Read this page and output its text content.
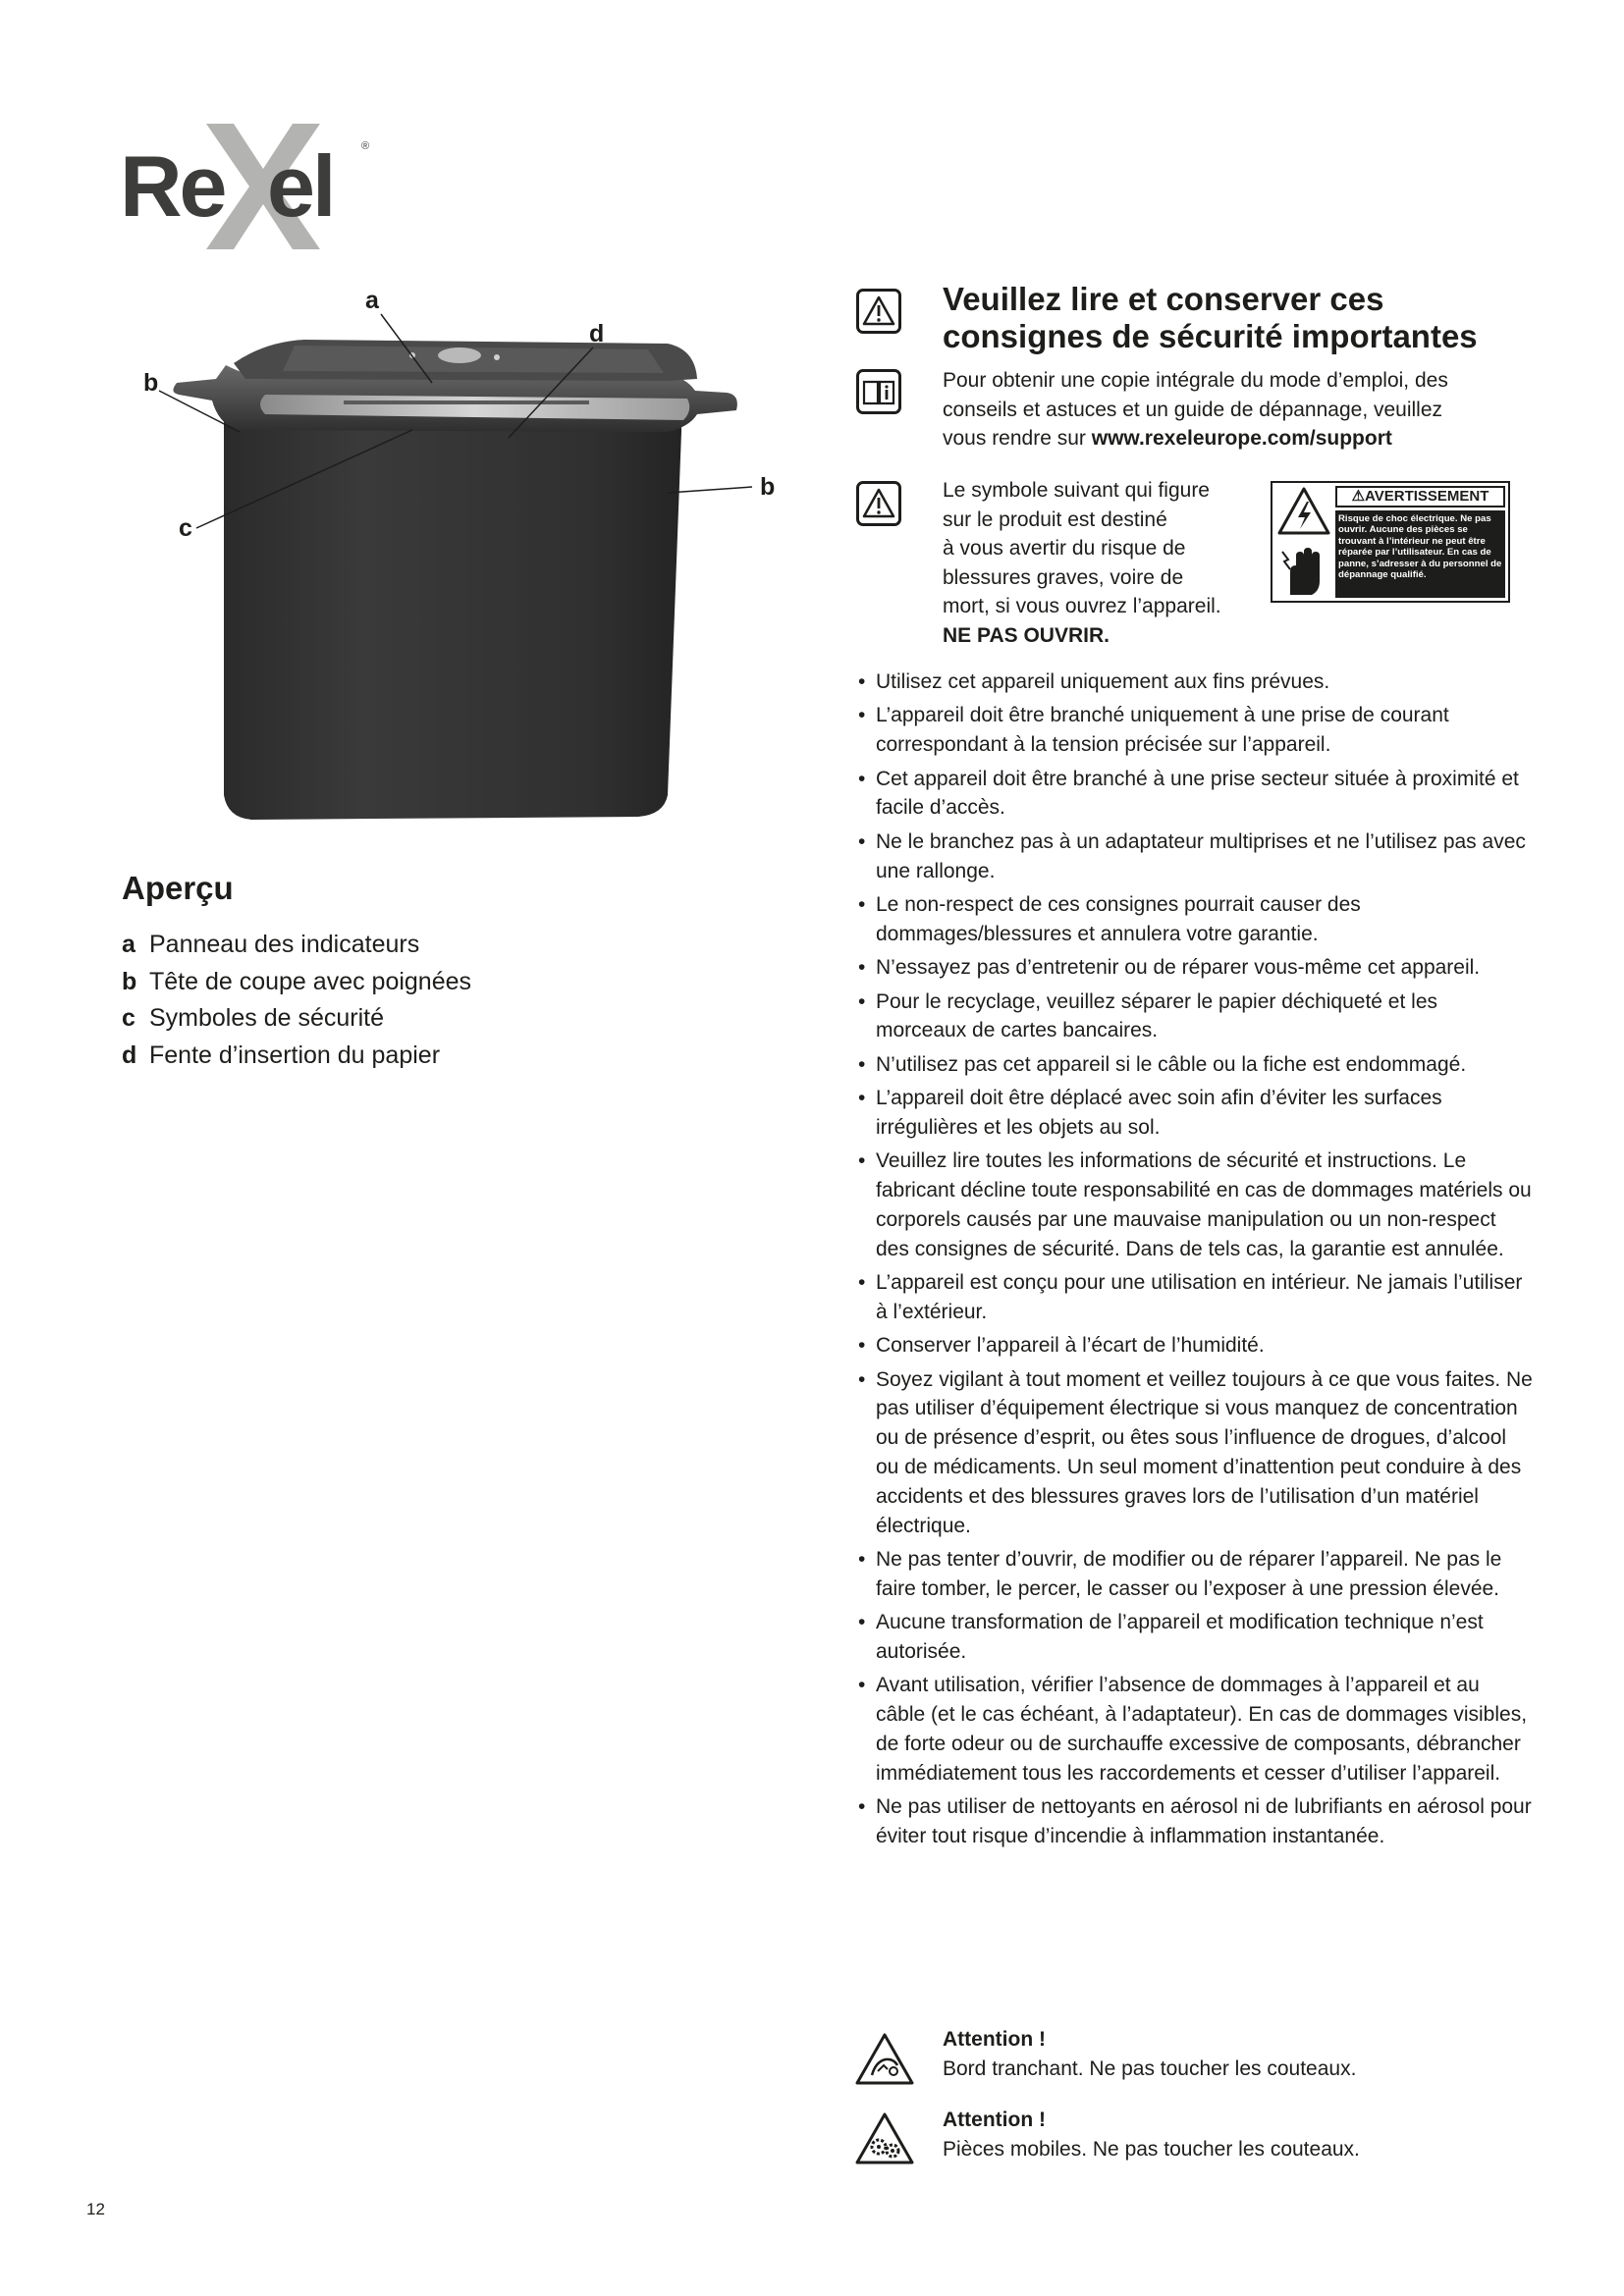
Re el	®
a
d
b
b
c
Aperçu
a Panneau des indicateurs
b Tête de coupe avec poignées
c Symboles de sécurité
d Fente d’insertion du papier
Veuillez lire et conserver ces
consignes de sécurité importantes
Pour obtenir une copie intégrale du mode d’emploi, des
conseils et astuces et un guide de dépannage, veuillez
vous rendre sur www.rexeleurope.com/support
Le symbole suivant qui figure
sur le produit est destiné
à vous avertir du risque de
blessures graves, voire de
mort, si vous ouvrez l’appareil.
NE PAS OUVRIR.
⚠AVERTISSEMENT
Risque de choc électrique. Ne pas ouvrir. Aucune des pièces se trouvant à l’intérieur ne peut être réparée par l’utilisateur. En cas de panne, s’adresser à du personnel de dépannage qualifié.
• Utilisez cet appareil uniquement aux fins prévues.
• L’appareil doit être branché uniquement à une prise de courant correspondant à la tension précisée sur l’appareil.
• Cet appareil doit être branché à une prise secteur située à proximité et facile d’accès.
• Ne le branchez pas à un adaptateur multiprises et ne l’utilisez pas avec une rallonge.
• Le non-respect de ces consignes pourrait causer des dommages/blessures et annulera votre garantie.
• N’essayez pas d’entretenir ou de réparer vous-même cet appareil.
• Pour le recyclage, veuillez séparer le papier déchiqueté et les morceaux de cartes bancaires.
• N’utilisez pas cet appareil si le câble ou la fiche est endommagé.
• L’appareil doit être déplacé avec soin afin d’éviter les surfaces irrégulières et les objets au sol.
• Veuillez lire toutes les informations de sécurité et instructions. Le fabricant décline toute responsabilité en cas de dommages matériels ou corporels causés par une mauvaise manipulation ou un non-respect des consignes de sécurité. Dans de tels cas, la garantie est annulée.
• L’appareil est conçu pour une utilisation en intérieur. Ne jamais l’utiliser à l’extérieur.
• Conserver l’appareil à l’écart de l’humidité.
• Soyez vigilant à tout moment et veillez toujours à ce que vous faites. Ne pas utiliser d’équipement électrique si vous manquez de concentration ou de présence d’esprit, ou êtes sous l’influence de drogues, d’alcool ou de médicaments. Un seul moment d’inattention peut conduire à des accidents et des blessures graves lors de l’utilisation d’un matériel électrique.
• Ne pas tenter d’ouvrir, de modifier ou de réparer l’appareil. Ne pas le faire tomber, le percer, le casser ou l’exposer à une pression élevée.
• Aucune transformation de l’appareil et modification technique n’est autorisée.
• Avant utilisation, vérifier l’absence de dommages à l’appareil et au câble (et le cas échéant, à l’adaptateur). En cas de dommages visibles, de forte odeur ou de surchauffe excessive de composants, débrancher immédiatement tous les raccordements et cesser d’utiliser l’appareil.
• Ne pas utiliser de nettoyants en aérosol ni de lubrifiants en aérosol pour éviter tout risque d’incendie à inflammation instantanée.
Attention !
Bord tranchant. Ne pas toucher les couteaux.
Attention !
Pièces mobiles. Ne pas toucher les couteaux.
12
